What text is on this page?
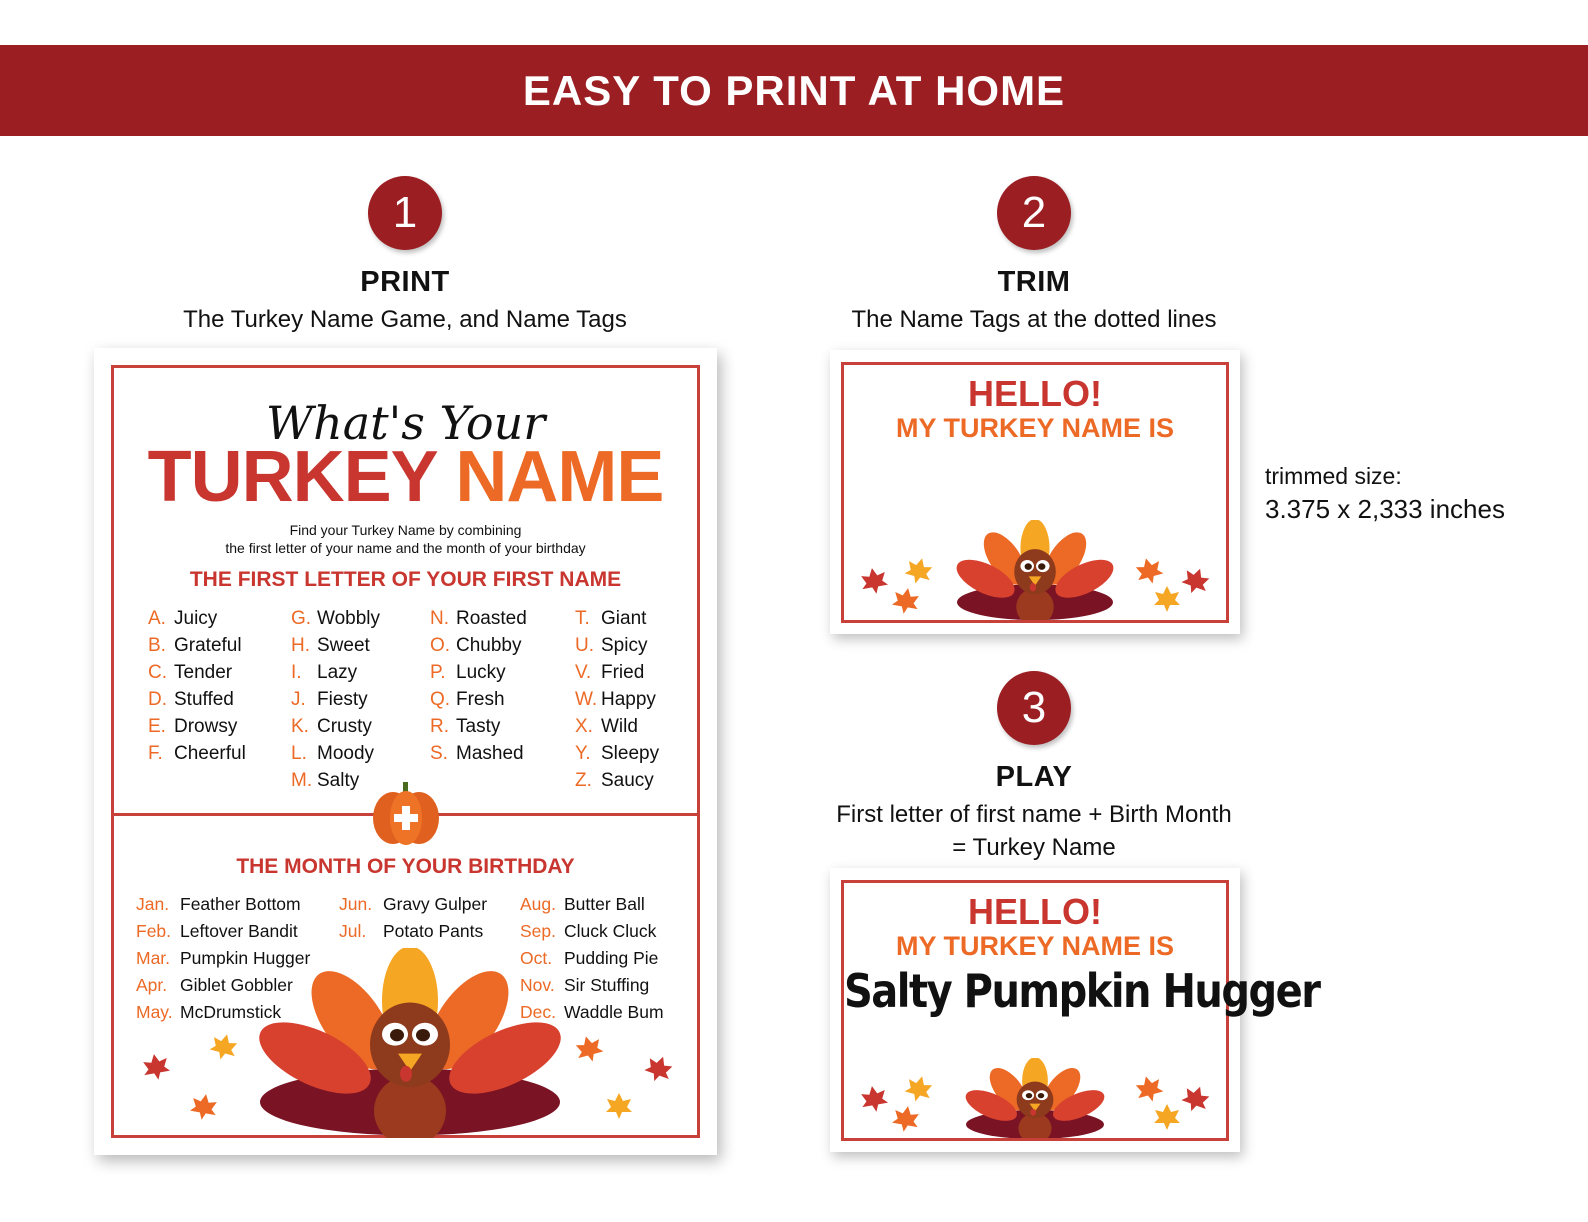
EASY TO PRINT AT HOME
1
PRINT

The Turkey Name Game, and Name Tags

2
TRIM

The Name Tags at the dotted lines

3
PLAY

First letter of first name + Birth Month

= Turkey Name

trimmed size:
3.375 x 2,333 inches
What's Your
TURKEY NAME
Find your Turkey Name by combining
the first letter of your name and the month of your birthday
THE FIRST LETTER OF YOUR FIRST NAME
A. Juicy
B. Grateful
C. Tender
D. Stuffed
E. Drowsy
F. Cheerful
G. Wobbly
H. Sweet
I. Lazy
J. Fiesty
K. Crusty
L. Moody
M. Salty
N. Roasted
O. Chubby
P. Lucky
Q. Fresh
R. Tasty
S. Mashed
T. Giant
U. Spicy
V. Fried
W. Happy
X. Wild
Y. Sleepy
Z. Saucy
THE MONTH OF YOUR BIRTHDAY
Jan. Feather Bottom
Feb. Leftover Bandit
Mar. Pumpkin Hugger
Apr. Giblet Gobbler
May. McDrumstick
Jun. Gravy Gulper
Jul. Potato Pants
Aug. Butter Ball
Sep. Cluck Cluck
Oct. Pudding Pie
Nov. Sir Stuffing
Dec. Waddle Bum
HELLO!
MY TURKEY NAME IS
HELLO!
MY TURKEY NAME IS
Salty Pumpkin Hugger
